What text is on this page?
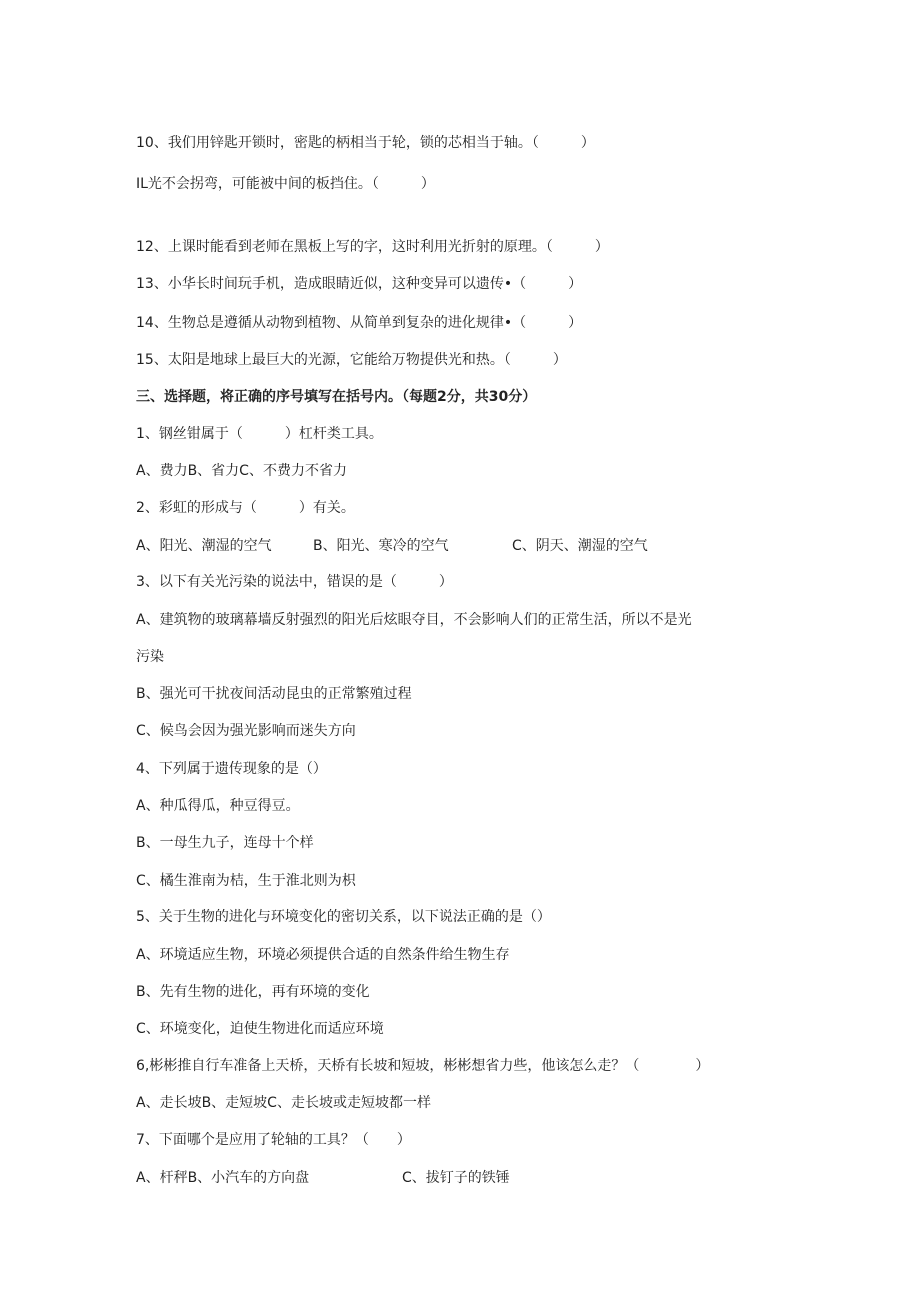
10、我们用锌匙开锁时，密匙的柄相当于轮，锁的芯相当于轴。（　　　）
IL光不会拐弯，可能被中间的板挡住。（　　　）
12、上课时能看到老师在黑板上写的字，这时利用光折射的原理。（　　　）
13、小华长时间玩手机，造成眼睛近似，这种变异可以遗传•（　　　）
14、生物总是遵循从动物到植物、从简单到复杂的进化规律•（　　　）
15、太阳是地球上最巨大的光源，它能给万物提供光和热。（　　　）
三、选择题，将正确的序号填写在括号内。（每题2分，共30分）
1、钢丝钳属于（　　　）杠杆类工具。
A、费力B、省力C、不费力不省力
2、彩虹的形成与（　　　）有关。
A、阳光、潮湿的空气	B、阳光、寒冷的空气	C、阴天、潮湿的空气
3、以下有关光污染的说法中，错误的是（　　　）
A、建筑物的玻璃幕墙反射强烈的阳光后炫眼夺目，不会影响人们的正常生活，所以不是光
污染
B、强光可干扰夜间活动昆虫的正常繁殖过程
C、候鸟会因为强光影响而迷失方向
4、下列属于遗传现象的是（）
A、种瓜得瓜，种豆得豆。
B、一母生九子，连母十个样
C、橘生淮南为桔，生于淮北则为枳
5、关于生物的进化与环境变化的密切关系，以下说法正确的是（）
A、环境适应生物，环境必须提供合适的自然条件给生物生存
B、先有生物的进化，再有环境的变化
C、环境变化，迫使生物进化而适应环境
6,彬彬推自行车准备上天桥，天桥有长坡和短坡，彬彬想省力些，他该怎么走？（　　　　）
A、走长坡B、走短坡C、走长坡或走短坡都一样
7、下面哪个是应用了轮轴的工具？（　　）
A、杆秤B、小汽车的方向盘	C、拔钉子的铁锤
